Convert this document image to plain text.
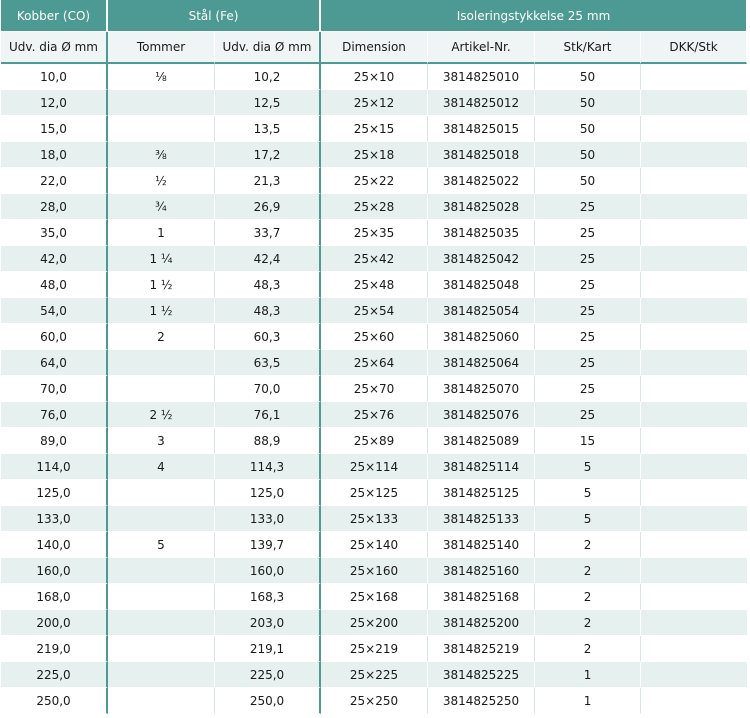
Kobber (CO)	Stål (Fe)		Isoleringstykkelse 25 mm			
Udv. dia Ø mm	Tommer	Udv. dia Ø mm	Dimension	Artikel-Nr.	Stk/Kart	DKK/Stk
10,0	⅛	10,2	25×10	3814825010	50	
12,0		12,5	25×12	3814825012	50	
15,0		13,5	25×15	3814825015	50	
18,0	⅜	17,2	25×18	3814825018	50	
22,0	½	21,3	25×22	3814825022	50	
28,0	¾	26,9	25×28	3814825028	25	
35,0	1	33,7	25×35	3814825035	25	
42,0	1 ¼	42,4	25×42	3814825042	25	
48,0	1 ½	48,3	25×48	3814825048	25	
54,0	1 ½	48,3	25×54	3814825054	25	
60,0	2	60,3	25×60	3814825060	25	
64,0		63,5	25×64	3814825064	25	
70,0		70,0	25×70	3814825070	25	
76,0	2 ½	76,1	25×76	3814825076	25	
89,0	3	88,9	25×89	3814825089	15	
114,0	4	114,3	25×114	3814825114	5	
125,0		125,0	25×125	3814825125	5	
133,0		133,0	25×133	3814825133	5	
140,0	5	139,7	25×140	3814825140	2	
160,0		160,0	25×160	3814825160	2	
168,0		168,3	25×168	3814825168	2	
200,0		203,0	25×200	3814825200	2	
219,0		219,1	25×219	3814825219	2	
225,0		225,0	25×225	3814825225	1	
250,0		250,0	25×250	3814825250	1	
